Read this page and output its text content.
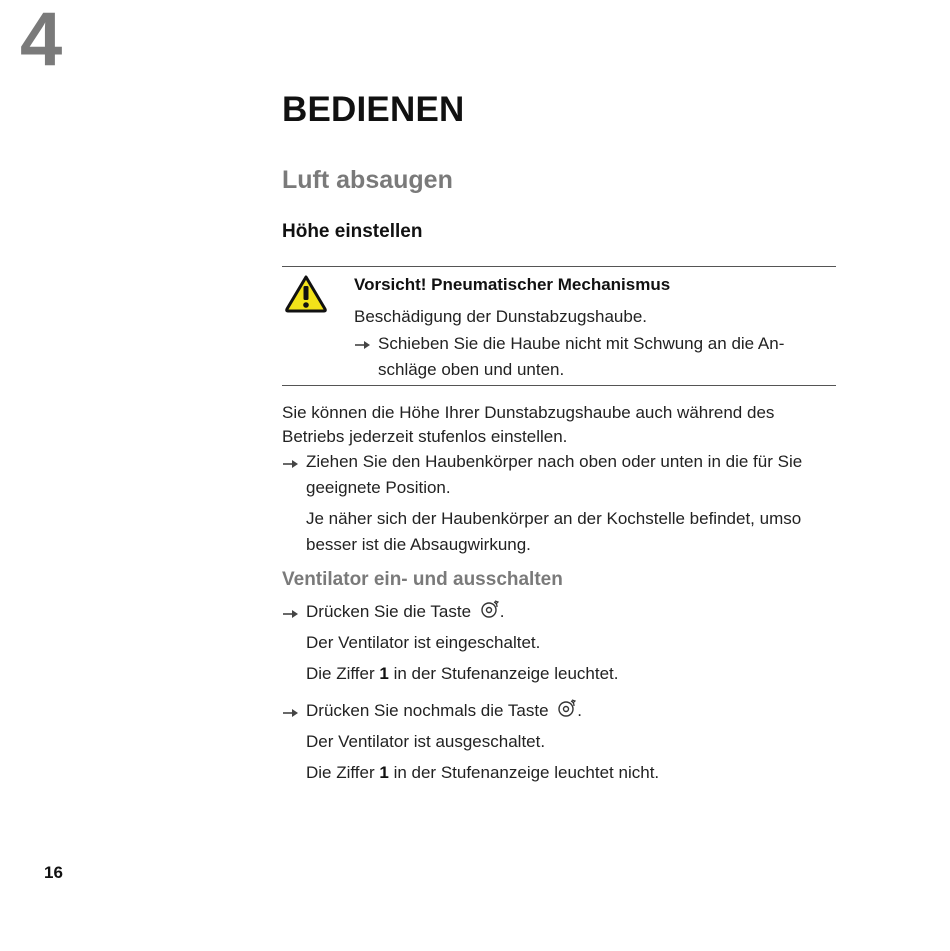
4
BEDIENEN
Luft absaugen
Höhe einstellen
Vorsicht! Pneumatischer Mechanismus
Beschädigung der Dunstabzugshaube.
Schieben Sie die Haube nicht mit Schwung an die An-
schläge oben und unten.
Sie können die Höhe Ihrer Dunstabzugshaube auch während des
Betriebs jederzeit stufenlos einstellen.
Ziehen Sie den Haubenkörper nach oben oder unten in die für Sie
geeignete Position.
Je näher sich der Haubenkörper an der Kochstelle befindet, umso
besser ist die Absaugwirkung.
Ventilator ein- und ausschalten
Drücken Sie die Taste .
Der Ventilator ist eingeschaltet.
Die Ziffer 1 in der Stufenanzeige leuchtet.
Drücken Sie nochmals die Taste .
Der Ventilator ist ausgeschaltet.
Die Ziffer 1 in der Stufenanzeige leuchtet nicht.
16
